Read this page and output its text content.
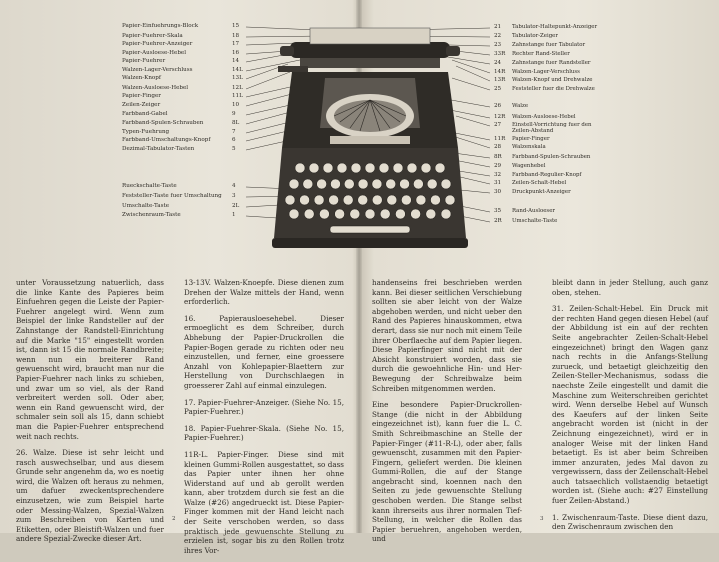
Papier-Einfuehrungs-Block	15
Papier-Fuehrer-Skala	18
Papier-Fuehrer-Anzeiger	17
Papier-Ausloese-Hebel	16
Papier-Fuehrer	14
Walzen-Lager-Verschluss	14L
Walzen-Knopf	13L
Walzen-Ausloese-Hebel	12L
Papier-Finger	11L
Zeilen-Zeiger	10
Farbband-Gabel	9
Farbband-Spulen-Schrauben	8L
Typen-Fuehrung	7
Farbband-Umschaltungs-Knopf	6
Dezimal-Tabulator-Tasten	5
Rueckschalte-Taste	4
Feststeller-Taste fuer Umschaltung 3
Umschalte-Taste	2L
Zwischenraum-Taste	1
21 Tabulator-Haltepunkt-Anzeiger
22 Tabulator-Zeiger
23 Zahnstange fuer Tabulator
33R Rechter Rand-Steller
24 Zahnstange fuer Randsteller
14R Walzen-Lager-Verschluss
13R Walzen-Knopf und Drehwalze
25 Feststeller fuer die Drehwalze
26 Walze
12R Walzen-Ausloese-Hebel
27 Einstell-Vorrichtung fuer den
Zeilen-Abstand
11R Papier-Finger
28 Walzenskala
8R Farbband-Spulen-Schrauben
29 Wagenhebel
32 Farbband-Regulier-Knopf
31 Zeilen-Schalt-Hebel
30 Druckpunkt-Anzeiger
35 Rand-Ausloeser
2R Umschalte-Taste

unter Voraussetzung natuerlich, dass die linke Kante des Papieres beim Einfuehren gegen die Leiste der Papier-Fuehrer angelegt wird. Wenn zum Beispiel der linke Randsteller auf der Zahnstange der Randstell-Einrichtung auf die Marke "15" eingestellt worden ist, dann ist 15 die normale Randbreite; wenn nun ein breiterer Rand gewuenscht wird, braucht man nur die Papier-Fuehrer nach links zu schieben, und zwar um so viel, als der Rand verbreitert werden soll. Oder aber, wenn ein Rand gewuenscht wird, der schmaler sein soll als 15, dann schiebt man die Papier-Fuehrer entsprechend weit nach rechts.

26. Walze. Diese ist sehr leicht und rasch auswechselbar, und aus diesem Grunde sehr angenehm da, wo es noetig wird, die Walzen oft heraus zu nehmen, um dafuer zweckentsprechendere einzusetzen, wie zum Beispiel harte oder Messing-Walzen, Spezial-Walzen zum Beschreiben von Karten und Etiketten, oder Bleistift-Walzen und fuer andere Spezial-Zwecke dieser Art.

13-13V. Walzen-Knoepfe. Diese dienen zum Drehen der Walze mittels der Hand, wenn erforderlich.

16. Papierausloesehebel. Dieser ermoeglicht es dem Schreiber, durch Abhebung der Papier-Druckrollen die Papier-Bogen gerade zu richten oder neu einzustellen, und ferner, eine groessere Anzahl von Kohlepapier-Blaettern zur Herstellung von Durchschlaegen in groesserer Zahl auf einmal einzulegen.

17. Papier-Fuehrer-Anzeiger. (Siehe No. 15, Papier-Fuehrer.)

18. Papier-Fuehrer-Skala. (Siehe No. 15, Papier-Fuehrer.)

11R-L. Papier-Finger. Diese sind mit kleinen Gummi-Rollen ausgestattet, so dass das Papier unter ihnen her ohne Widerstand auf und ab gerollt werden kann, aber trotzdem durch sie fest an die Walze (#26) angedrueckt ist. Diese Papier-Finger kommen mit der Hand leicht nach der Seite verschoben werden, so dass praktisch jede gewuenschte Stellung zu erzielen ist, sogar bis zu den Rollen trotz ihres Vor-

handenseins frei beschrieben werden kann. Bei dieser seitlichen Verschiebung sollten sie aber leicht von der Walze abgehoben werden, und nicht ueber den Rand des Papieres hinauskommen, etwa derart, dass sie nur noch mit einem Teile ihrer Oberflaeche auf dem Papier liegen. Diese Papierfinger sind nicht mit der Absicht konstruiert worden, dass sie durch die gewoehnliche Hin- und Her-Bewegung der Schreibwalze beim Schreiben mitgenommen werden.

Eine besondere Papier-Druckrollen-Stange (die nicht in der Abbildung eingezeichnet ist), kann fuer die L. C. Smith Schreibmaschine an Stelle der Papier-Finger (#11-R-L), oder aber, falls gewuenscht, zusammen mit den Papier-Fingern, geliefert werden. Die kleinen Gummi-Rollen, die auf der Stange angebracht sind, koennen nach den Seiten zu jede gewuenschte Stellung geschoben werden. Die Stange selbst kann ihrerseits aus ihrer normalen Tief-Stellung, in welcher die Rollen das Papier beruehren, angehoben werden, und

bleibt dann in jeder Stellung, auch ganz oben, stehen.

31. Zeilen-Schalt-Hebel. Ein Druck mit der rechten Hand gegen diesen Hebel (auf der Abbildung ist ein auf der rechten Seite angebrachter Zeilen-Schalt-Hebel eingezeichnet) bringt den Wagen ganz nach rechts in die Anfangs-Stellung zurueck, und betaetigt gleichzeitig den Zeilen-Steller-Mechanismus, sodass die naechste Zeile eingestellt und damit die Maschine zum Weiterschreiben gerichtet wird. Wenn derselbe Hebel auf Wunsch des Kaeufers auf der linken Seite angebracht worden ist (nicht in der Zeichnung eingezeichnet), wird er in analoger Weise mit der linken Hand betaetigt. Es ist aber beim Schreiben immer anzuraten, jedes Mal davon zu vergewissern, dass der Zeilenschalt-Hebel auch tatsaechlich vollstaendig betaetigt worden ist. (Siehe auch: #27 Einstellung fuer Zeilen-Abstand.)

1. Zwischenraum-Taste. Diese dient dazu, den Zwischenraum zwischen den

2	3
